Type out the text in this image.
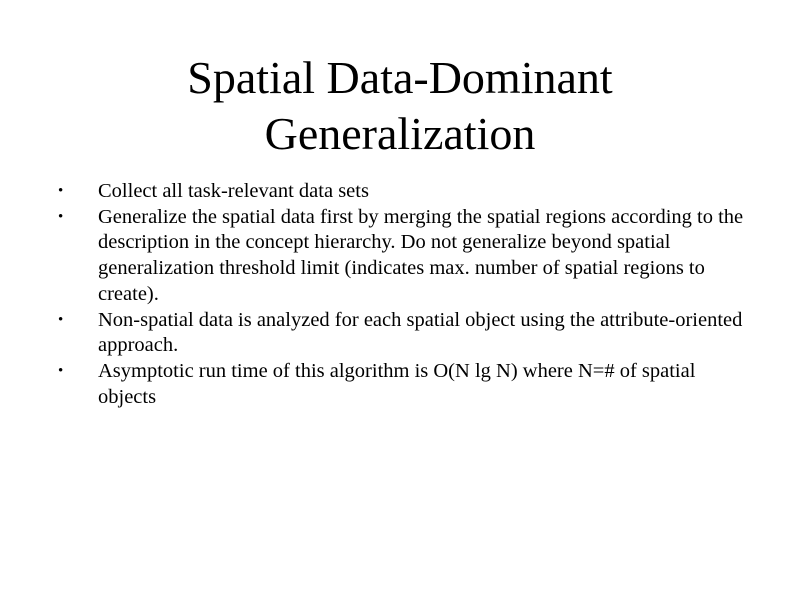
Spatial Data-Dominant
Generalization
•	Collect all task-relevant data sets
•	Generalize the spatial data first by merging the spatial regions according to the description in the concept hierarchy. Do not generalize beyond spatial generalization threshold limit (indicates max. number of spatial regions to create).
•	Non-spatial data is analyzed for each spatial object using the attribute-oriented approach.
•	Asymptotic run time of this algorithm is O(N lg N) where N=# of spatial objects
